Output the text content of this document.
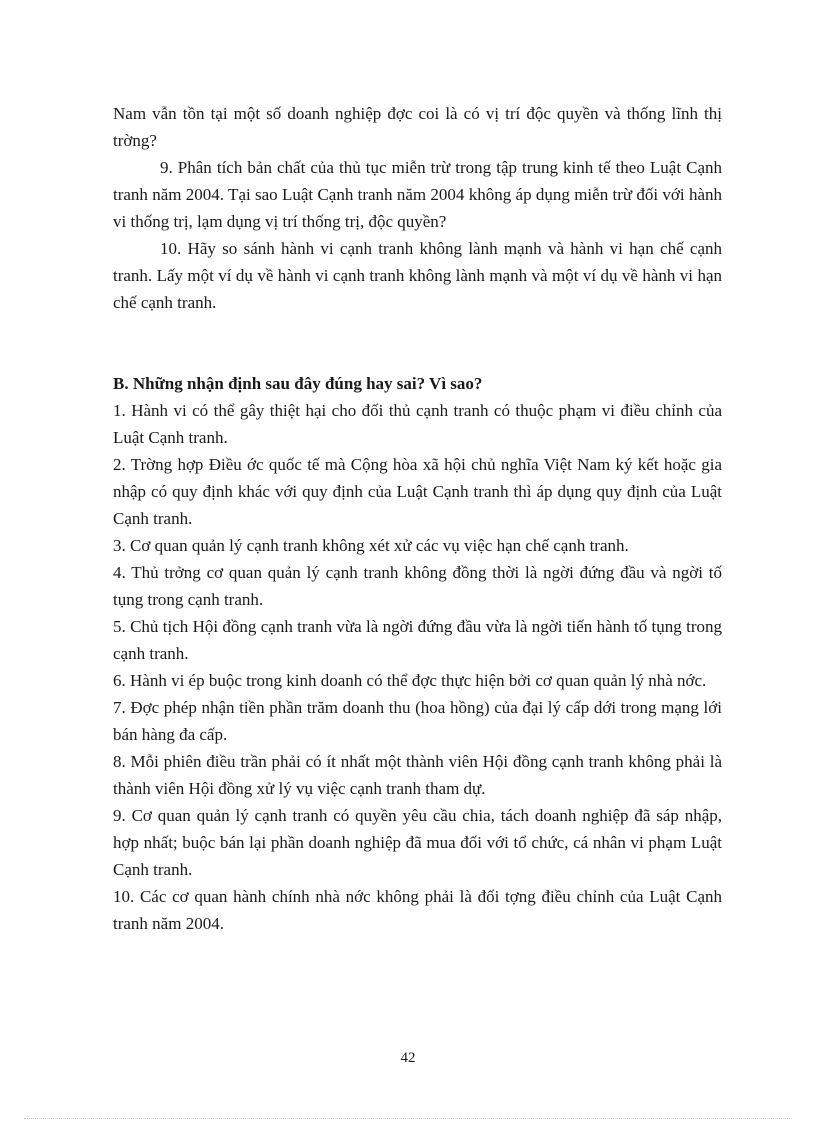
Nam vẫn tồn tại một số doanh nghiệp đợc coi là có vị trí độc quyền và thống lĩnh thị trờng?

9. Phân tích bản chất của thủ tục miễn trừ trong tập trung kinh tế theo Luật Cạnh tranh năm 2004. Tại sao Luật Cạnh tranh năm 2004 không áp dụng miễn trừ đối với hành vi thống trị, lạm dụng vị trí thống trị, độc quyền?

10. Hãy so sánh hành vi cạnh tranh không lành mạnh và hành vi hạn chế cạnh tranh. Lấy một ví dụ về hành vi cạnh tranh không lành mạnh và một ví dụ về hành vi hạn chế cạnh tranh.

B. Những nhận định sau đây đúng hay sai? Vì sao?

1. Hành vi có thể gây thiệt hại cho đối thủ cạnh tranh có thuộc phạm vi điều chỉnh của Luật Cạnh tranh.

2. Trờng hợp Điều ớc quốc tế mà Cộng hòa xã hội chủ nghĩa Việt Nam ký kết hoặc gia nhập có quy định khác với quy định của Luật Cạnh tranh thì áp dụng quy định của Luật Cạnh tranh.

3. Cơ quan quản lý cạnh tranh không xét xử các vụ việc hạn chế cạnh tranh.

4. Thủ trởng cơ quan quản lý cạnh tranh không đồng thời là ngời đứng đầu và ngời tố tụng trong cạnh tranh.

5. Chủ tịch Hội đồng cạnh tranh vừa là ngời đứng đầu vừa là ngời tiến hành tố tụng trong cạnh tranh.

6. Hành vi ép buộc trong kinh doanh có thể đợc thực hiện bởi cơ quan quản lý nhà nớc.

7. Đợc phép nhận tiền phần trăm doanh thu (hoa hồng) của đại lý cấp dới trong mạng lới bán hàng đa cấp.

8. Mỗi phiên điều trần phải có ít nhất một thành viên Hội đồng cạnh tranh không phải là thành viên Hội đồng xử lý vụ việc cạnh tranh tham dự.

9. Cơ quan quản lý cạnh tranh có quyền yêu cầu chia, tách doanh nghiệp đã sáp nhập, hợp nhất; buộc bán lại phần doanh nghiệp đã mua đối với tổ chức, cá nhân vi phạm Luật Cạnh tranh.

10. Các cơ quan hành chính nhà nớc không phải là đối tợng điều chỉnh của Luật Cạnh tranh năm 2004.

42
